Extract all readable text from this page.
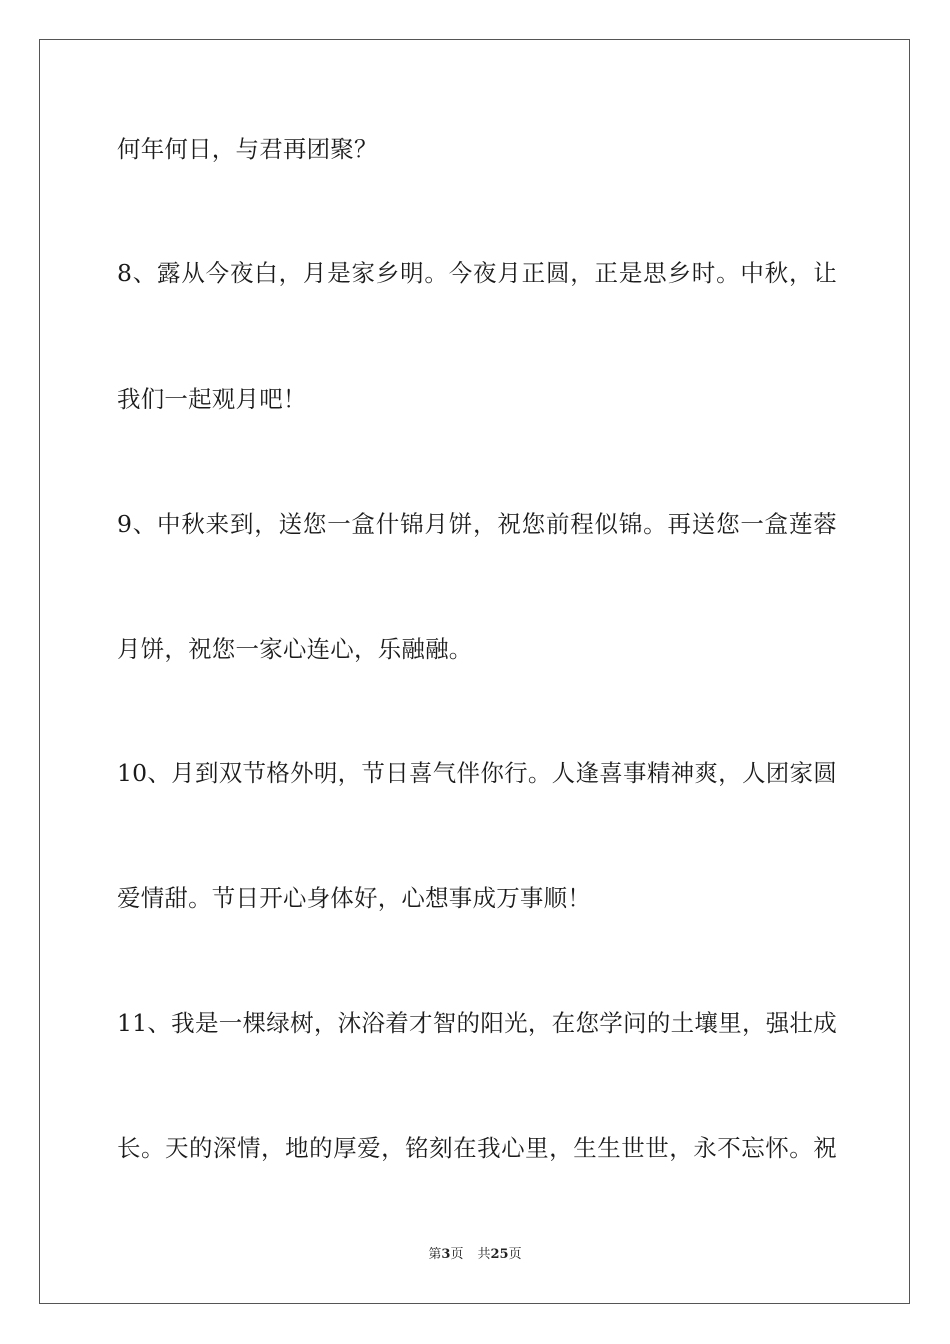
何年何日，与君再团聚？
8、露从今夜白，月是家乡明。今夜月正圆，正是思乡时。中秋，让
我们一起观月吧！
9、中秋来到，送您一盒什锦月饼，祝您前程似锦。再送您一盒莲蓉
月饼，祝您一家心连心，乐融融。
10、月到双节格外明，节日喜气伴你行。人逢喜事精神爽，人团家圆
爱情甜。节日开心身体好，心想事成万事顺！
11、我是一棵绿树，沐浴着才智的阳光，在您学问的土壤里，强壮成
长。天的深情，地的厚爱，铭刻在我心里，生生世世，永不忘怀。祝
第3页 共25页
